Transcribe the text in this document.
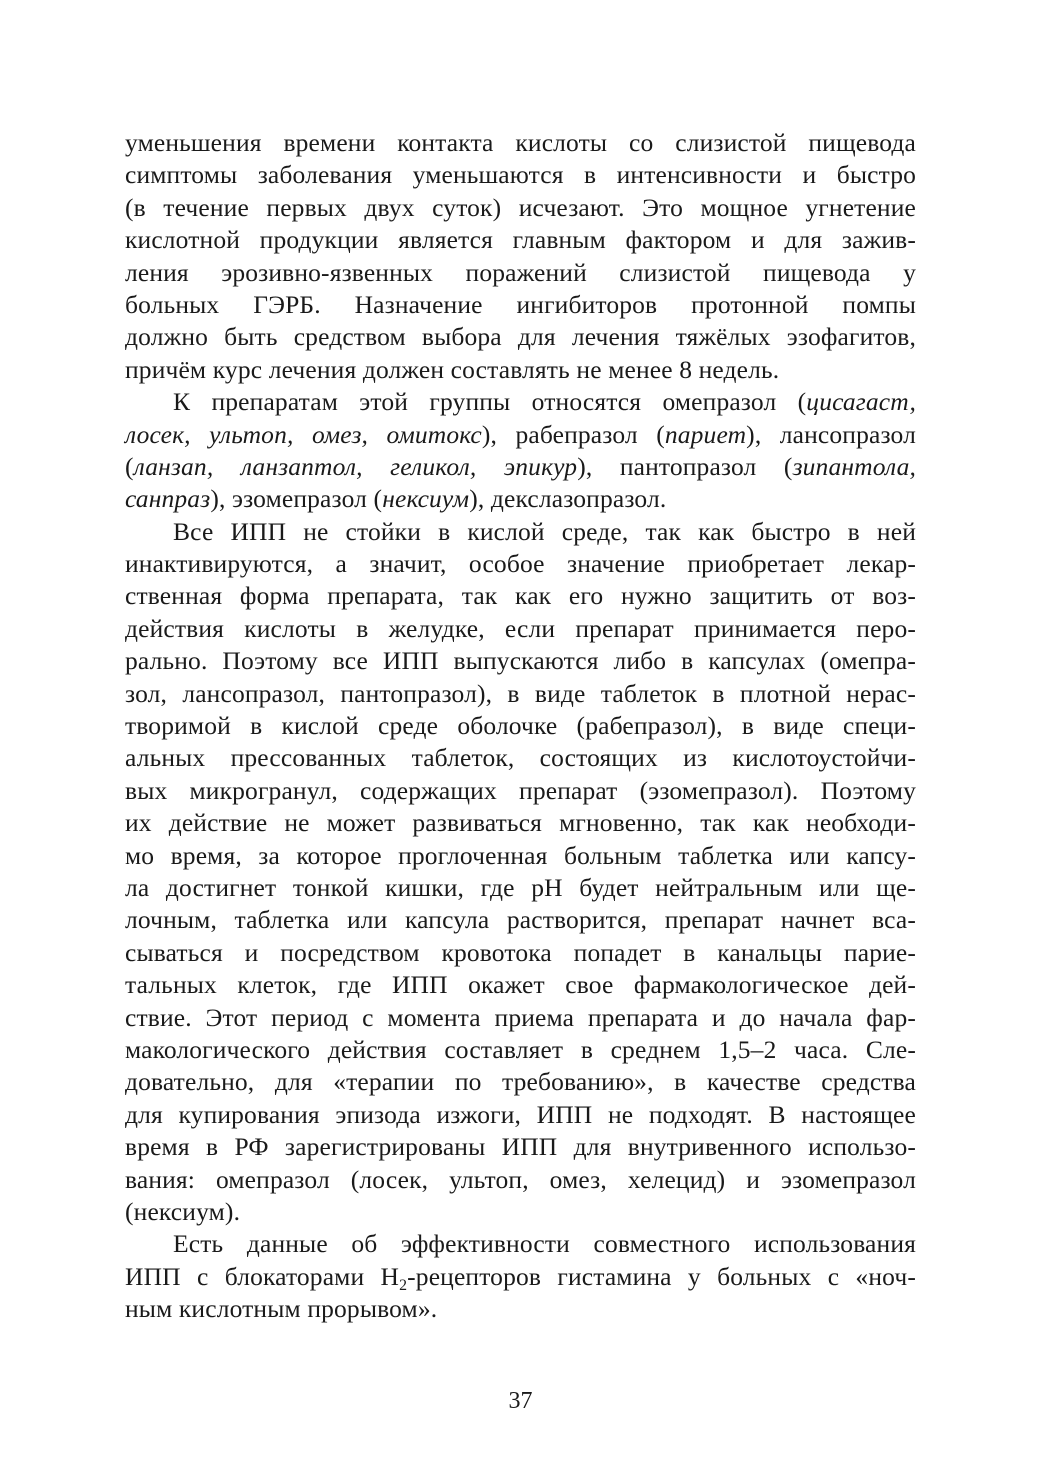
уменьшения времени контакта кислоты со слизистой пищевода
симптомы заболевания уменьшаются в интенсивности и быстро
(в течение первых двух суток) исчезают. Это мощное угнетение
кислотной продукции является главным фактором и для зажив-
ления эрозивно-язвенных поражений слизистой пищевода у
больных ГЭРБ. Назначение ингибиторов протонной помпы
должно быть средством выбора для лечения тяжёлых эзофагитов,
причём курс лечения должен составлять не менее 8 недель.
К препаратам этой группы относятся омепразол (цисагаст,
лосек, ультоп, омез, омитокс), рабепразол (париет), лансопразол
(ланзап, ланзаптол, геликол, эпикур), пантопразол (зипантола,
санпраз), эзомепразол (нексиум), декслазопразол.
Все ИПП не стойки в кислой среде, так как быстро в ней
инактивируются, а значит, особое значение приобретает лекар-
ственная форма препарата, так как его нужно защитить от воз-
действия кислоты в желудке, если препарат принимается перо-
рально. Поэтому все ИПП выпускаются либо в капсулах (омепра-
зол, лансопразол, пантопразол), в виде таблеток в плотной нерас-
творимой в кислой среде оболочке (рабепразол), в виде специ-
альных прессованных таблеток, состоящих из кислотоустойчи-
вых микрогранул, содержащих препарат (эзомепразол). Поэтому
их действие не может развиваться мгновенно, так как необходи-
мо время, за которое проглоченная больным таблетка или капсу-
ла достигнет тонкой кишки, где pH будет нейтральным или ще-
лочным, таблетка или капсула растворится, препарат начнет вса-
сываться и посредством кровотока попадет в канальцы парие-
тальных клеток, где ИПП окажет свое фармакологическое дей-
ствие. Этот период с момента приема препарата и до начала фар-
макологического действия составляет в среднем 1,5–2 часа. Сле-
довательно, для «терапии по требованию», в качестве средства
для купирования эпизода изжоги, ИПП не подходят. В настоящее
время в РФ зарегистрированы ИПП для внутривенного использо-
вания: омепразол (лосек, ультоп, омез, хелецид) и эзомепразол
(нексиум).
Есть данные об эффективности совместного использования
ИПП с блокаторами $Н_2$-рецепторов гистамина у больных с «ноч-
ным кислотным прорывом».
37
